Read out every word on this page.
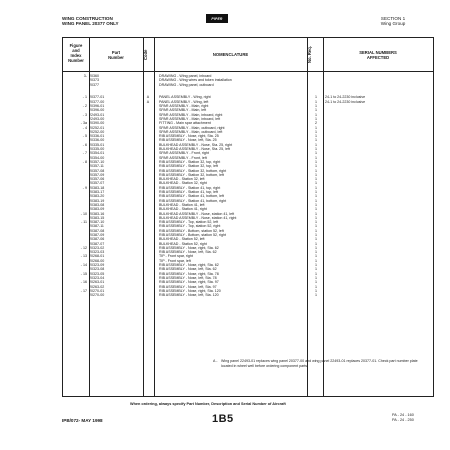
WING CONSTRUCTION
WING PANEL 20377 ONLY
PIPER	SECTION 1
Wing Group
Figure
and
Index
Number
Part
Number	Code	NOMENCLATURE	No. Req.	SERIAL NUMBERS
AFFECTED
3- 20360	DRAWING - Wing panel, inboard
20373	DRAWING - Wing wires and token installation
20377	DRAWING - Wing panel, outboard
- 1 20377-01	A	PANEL ASSEMBLY - Wing, right	1	24-1 to 24-2230 inclusive
20377-00	A	PANEL ASSEMBLY - Wing, left	1	24-1 to 24-2230 inclusive
- 2 20396-01	SPAR ASSEMBLY - Main, right	1
20396-00	SPAR ASSEMBLY - Main, left	1
- 3 22493-01	SPAR ASSEMBLY - Main, inboard, right	1
22493-00	SPAR ASSEMBLY - Main, inboard, left	1
- 3a 20390-00	FITTING - Main spar attachment	2
- 4 20252-01	SPAR ASSEMBLY - Main, outboard, right	1
20252-00	SPAR ASSEMBLY - Main, outboard, left	1
- 5 20336-01	RIB ASSEMBLY - Nose, right, Sta. 25	1
20336-00	RIB ASSEMBLY - Nose, left, Sta. 25	1
- 6 20335-01	BULKHEAD ASSEMBLY - Nose, Sta. 25, right	1
20335-00	BULKHEAD ASSEMBLY - Nose, Sta. 25, left	1
- 7 20354-01	SPAR ASSEMBLY - Front, right	1
20354-00	SPAR ASSEMBLY - Front, left	1
- 8 20357-10	RIB ASSEMBLY - Station 32, top, right	1
20357-11	RIB ASSEMBLY - Station 32, top, left	1
20357-08	RIB ASSEMBLY - Station 32, bottom, right	1
20357-09	RIB ASSEMBLY - Station 32, bottom, left	1
20357-06	BULKHEAD - Station 32, left	1
20357-07	BULKHEAD - Station 32, right	1
- 9 20383-18	RIB ASSEMBLY - Station 41, top, right	1
20383-17	RIB ASSEMBLY - Station 41, top, left	1
20383-20	RIB ASSEMBLY - Station 41, bottom, left	1
20383-19	RIB ASSEMBLY - Station 41, bottom, right	1
20383-08	BULKHEAD - Station 41, left	1
20383-09	BULKHEAD - Station 41, right	1
- 10 20383-16	BULKHEAD ASSEMBLY - Nose, station 41, left	1
20383-15	BULKHEAD ASSEMBLY - Nose, station 41, right	1
- 11 20387-10	RIB ASSEMBLY - Top, station 52, left	1
20387-11	RIB ASSEMBLY - Top, station 52, right	1
20387-08	RIB ASSEMBLY - Bottom, station 52, left	1
20387-09	RIB ASSEMBLY - Bottom, station 52, right	1
20387-06	BULKHEAD - Station 52, left	1
20387-07	BULKHEAD - Station 52, right	1
- 12 20323-02	RIB ASSEMBLY - Nose, right, Sta. 62	1
20323-03	RIB ASSEMBLY - Nose, left, Sta. 62	1
- 13 20268-01	TIP - Front spar, right	1
20268-00	TIP - Front spar, left	1
- 14 20323-09	RIB ASSEMBLY - Nose, right, Sta. 62	1
20323-08	RIB ASSEMBLY - Nose, left, Sta. 62	1
- 15 20323-05	RIB ASSEMBLY - Nose, right, Sta. 78	1
20323-04	RIB ASSEMBLY - Nose, left, Sta. 78	1
- 16 20263-01	RIB ASSEMBLY - Nose, right, Sta. 97	1
20263-02	RIB ASSEMBLY - Nose, left, Sta. 97	1
- 17 20270-01	RIB ASSEMBLY - Nose, right, Sta. 120	1
20270-00	RIB ASSEMBLY - Nose, left, Sta. 120	1
A - Wing panel 22493-01 replaces wing panel 20377-00 and wing panel 22493-01 replaces 20377-01. Check part number plate located in wheel well before ordering component parts.
When ordering, always specify Part Number, Description and Serial Number of Aircraft
IPB/072- MAY 1998	1B5	PA - 24 - 160
PA - 24 - 250
